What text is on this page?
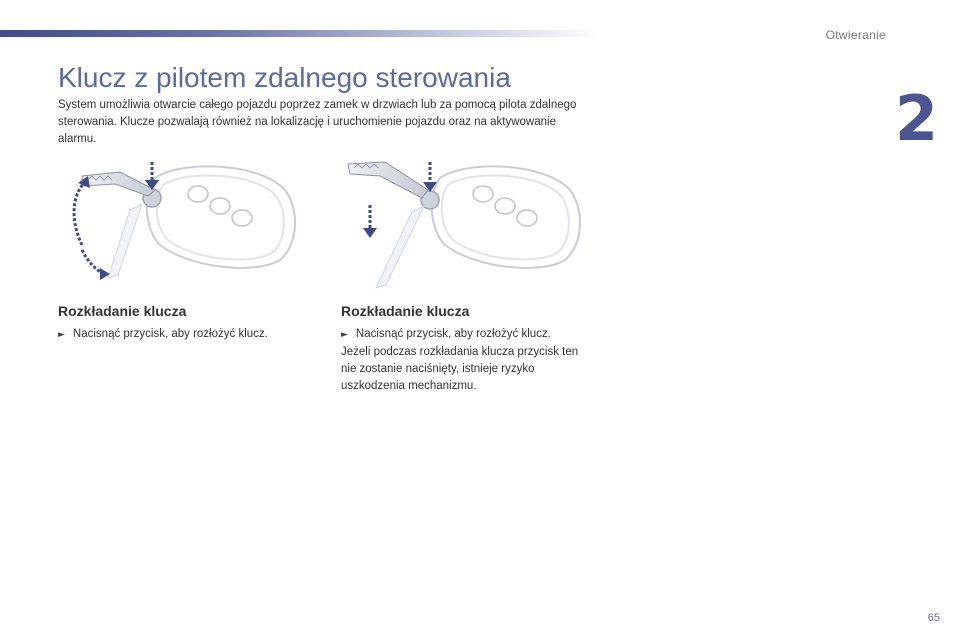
Otwieranie
2
Klucz z pilotem zdalnego sterowania

System umożliwia otwarcie całego pojazdu poprzez zamek w drzwiach lub za pomocą pilota zdalnego sterowania. Klucze pozwalają również na lokalizację i uruchomienie pojazdu oraz na aktywowanie alarmu.

Rozkładanie klucza
► Nacisnąć przycisk, aby rozłożyć klucz.
Rozkładanie klucza
► Nacisnąć przycisk, aby rozłożyć klucz.
Jeżeli podczas rozkładania klucza przycisk ten nie zostanie naciśnięty, istnieje ryzyko uszkodzenia mechanizmu.
65
